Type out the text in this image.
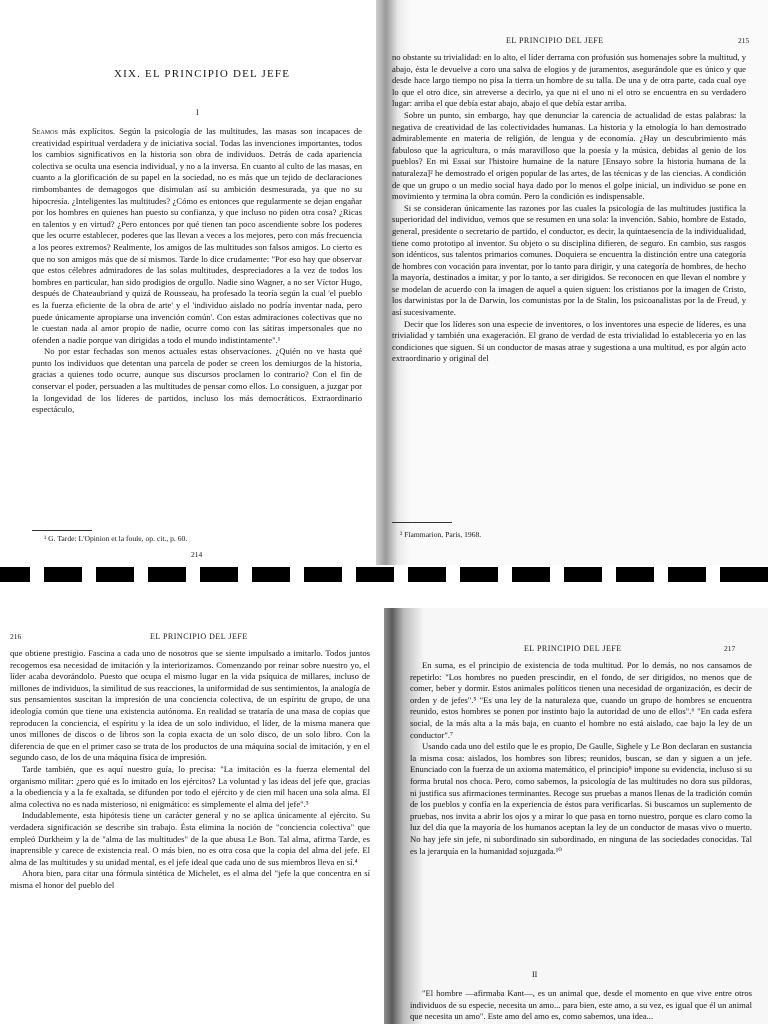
XIX. EL PRINCIPIO DEL JEFE
I

Seamos más explícitos. Según la psicología de las multitudes, las masas son incapaces de creatividad espiritual verdadera y de iniciativa social. Todas las invenciones importantes, todos los cambios significativos en la historia son obra de individuos. Detrás de cada apariencia colectiva se oculta una esencia individual, y no a la inversa. En cuanto al culto de las masas, en cuanto a la glorificación de su papel en la sociedad, no es más que un tejido de declaraciones rimbombantes de demagogos que disimulan así su ambición desmesurada, ya que no su hipocresía. ¿Inteligentes las multitudes? ¿Cómo es entonces que regularmente se dejan engañar por los hombres en quienes han puesto su confianza, y que incluso no piden otra cosa? ¿Ricas en talentos y en virtud? ¿Pero entonces por qué tienen tan poco ascendiente sobre los poderes que les ocurre establecer, poderes que las llevan a veces a los mejores, pero con más frecuencia a los peores extremos? Realmente, los amigos de las multitudes son falsos amigos. Lo cierto es que no son amigos más que de sí mismos. Tarde lo dice crudamente: "Por eso hay que observar que estos célebres admiradores de las solas multitudes, despreciadores a la vez de todos los hombres en particular, han sido prodigios de orgullo. Nadie sino Wagner, a no ser Víctor Hugo, después de Chateaubriand y quizá de Rousseau, ha profesado la teoría según la cual 'el pueblo es la fuerza eficiente de la obra de arte' y el 'individuo aislado no podría inventar nada, pero puede únicamente apropiarse una invención común'. Con estas admiraciones colectivas que no le cuestan nada al amor propio de nadie, ocurre como con las sátiras impersonales que no ofenden a nadie porque van dirigidas a todo el mundo indistintamente".¹

No por estar fechadas son menos actuales estas observaciones. ¿Quién no ve hasta qué punto los individuos que detentan una parcela de poder se creen los demiurgos de la historia, gracias a quienes todo ocurre, aunque sus discursos proclamen lo contrario? Con el fin de conservar el poder, persuaden a las multitudes de pensar como ellos. Lo consiguen, a juzgar por la longevidad de los líderes de partidos, incluso los más democráticos. Extraordinario espectáculo,

¹ G. Tarde: L'Opinion et la foule, op. cit., p. 60.
214
EL PRINCIPIO DEL JEFE	215

no obstante su trivialidad: en lo alto, el líder derrama con profusión sus homenajes sobre la multitud, y abajo, ésta le devuelve a coro una salva de elogios y de juramentos, asegurándole que es único y que desde hace largo tiempo no pisa la tierra un hombre de su talla. De una y de otra parte, cada cual oye lo que el otro dice, sin atreverse a decirlo, ya que ni el uno ni el otro se encuentra en su verdadero lugar: arriba el que debía estar abajo, abajo el que debía estar arriba.

Sobre un punto, sin embargo, hay que denunciar la carencia de actualidad de estas palabras: la negativa de creatividad de las colectividades humanas. La historia y la etnología lo han demostrado admirablemente en materia de religión, de lengua y de economía. ¿Hay un descubrimiento más fabuloso que la agricultura, o más maravilloso que la poesía y la música, debidas al genio de los pueblos? En mi Essai sur l'histoire humaine de la nature [Ensayo sobre la historia humana de la naturaleza]² he demostrado el origen popular de las artes, de las técnicas y de las ciencias. A condición de que un grupo o un medio social haya dado por lo menos el golpe inicial, un individuo se pone en movimiento y termina la obra común. Pero la condición es indispensable.

Si se consideran únicamente las razones por las cuales la psicología de las multitudes justifica la superioridad del individuo, vemos que se resumen en una sola: la invención. Sabio, hombre de Estado, general, presidente o secretario de partido, el conductor, es decir, la quintaesencia de la individualidad, tiene como prototipo al inventor. Su objeto o su disciplina difieren, de seguro. En cambio, sus rasgos son idénticos, sus talentos primarios comunes. Doquiera se encuentra la distinción entre una categoría de hombres con vocación para inventar, por lo tanto para dirigir, y una categoría de hombres, de hecho la mayoría, destinados a imitar, y por lo tanto, a ser dirigidos. Se reconocen en que llevan el nombre y se modelan de acuerdo con la imagen de aquel a quien siguen: los cristianos por la imagen de Cristo, los darwinistas por la de Darwin, los comunistas por la de Stalin, los psicoanalistas por la de Freud, y así sucesivamente.

Decir que los líderes son una especie de inventores, o los inventores una especie de líderes, es una trivialidad y también una exageración. El grano de verdad de esta trivialidad lo estableceria yo en las condiciones que siguen. Si un conductor de masas atrae y sugestiona a una multitud, es por algún acto extraordinario y original del

² Flammarion, París, 1968.
216	EL PRINCIPIO DEL JEFE

que obtiene prestigio. Fascina a cada uno de nosotros que se siente impulsado a imitarlo. Todos juntos recogemos esa necesidad de imitación y la interiorizamos. Comenzando por reinar sobre nuestro yo, el líder acaba devorándolo. Puesto que ocupa el mismo lugar en la vida psíquica de millares, incluso de millones de individuos, la similitud de sus reacciones, la uniformidad de sus sentimientos, la analogía de sus pensamientos suscitan la impresión de una conciencia colectiva, de un espíritu de grupo, de una ideología común que tiene una existencia autónoma. En realidad se trataría de una masa de copias que reproducen la conciencia, el espíritu y la idea de un solo individuo, el líder, de la misma manera que unos millones de discos o de libros son la copia exacta de un solo disco, de un solo libro. Con la diferencia de que en el primer caso se trata de los productos de una máquina social de imitación, y en el segundo caso, de los de una máquina física de impresión.

Tarde también, que es aquí nuestro guía, lo precisa: "La imitación es la fuerza elemental del organismo militar: ¿pero qué es lo imitado en los ejércitos? La voluntad y las ideas del jefe que, gracias a la obediencia y a la fe exaltada, se difunden por todo el ejército y de cien mil hacen una sola alma. El alma colectiva no es nada misterioso, ni enigmático: es simplemente el alma del jefe".³

Indudablemente, esta hipótesis tiene un carácter general y no se aplica únicamente al ejército. Su verdadera significación se describe sin trabajo. Ésta elimina la noción de "conciencia colectiva" que empleó Durkheim y la de "alma de las multitudes" de la que abusa Le Bon. Tal alma, afirma Tarde, es inaprensible y carece de existencia real. O más bien, no es otra cosa que la copia del alma del jefe. El alma de las multitudes y su unidad mental, es el jefe ideal que cada uno de sus miembros lleva en sí.⁴

Ahora bien, para citar una fórmula sintética de Michelet, es el alma del "jefe la que concentra en sí misma el honor del pueblo del

EL PRINCIPIO DEL JEFE	217

En suma, es el principio de existencia de toda multitud. Por lo demás, no nos cansamos de repetirlo: "Los hombres no pueden prescindir, en el fondo, de ser dirigidos, no menos que de comer, beber y dormir. Estos animales políticos tienen una necesidad de organización, es decir de orden y de jefes".⁵ "Es una ley de la naturaleza que, cuando un grupo de hombres se encuentra reunido, estos hombres se ponen por instinto bajo la autoridad de uno de ellos".⁶ "En cada esfera social, de la más alta a la más baja, en cuanto el hombre no está aislado, cae bajo la ley de un conductor".⁷

Usando cada uno del estilo que le es propio, De Gaulle, Sighele y Le Bon declaran en sustancia la misma cosa: aislados, los hombres son libres; reunidos, buscan, se dan y siguen a un jefe. Enunciado con la fuerza de un axioma matemático, el principio⁸ impone su evidencia, incluso si su forma brutal nos choca. Pero, como sabemos, la psicología de las multitudes no dora sus píldoras, ni justifica sus afirmaciones terminantes. Recoge sus pruebas a manos llenas de la tradición común de los pueblos y confía en la experiencia de éstos para verificarlas. Si buscamos un suplemento de pruebas, nos invita a abrir los ojos y a mirar lo que pasa en torno nuestro, porque es claro como la luz del día que la mayoría de los humanos aceptan la ley de un conductor de masas vivo o muerto. No hay jefe sin jefe, ni subordinado sin subordinado, en ninguna de las sociedades conocidas. Tal es la jerarquía en la humanidad sojuzgada.¹⁰

II

"El hombre —afirmaba Kant—, es un animal que, desde el momento en que vive entre otros individuos de su especie, necesita un amo... para bien, este amo, a su vez, es igual que él un animal que necesita un amo". Este amo del amo es, como sabemos, una idea...
